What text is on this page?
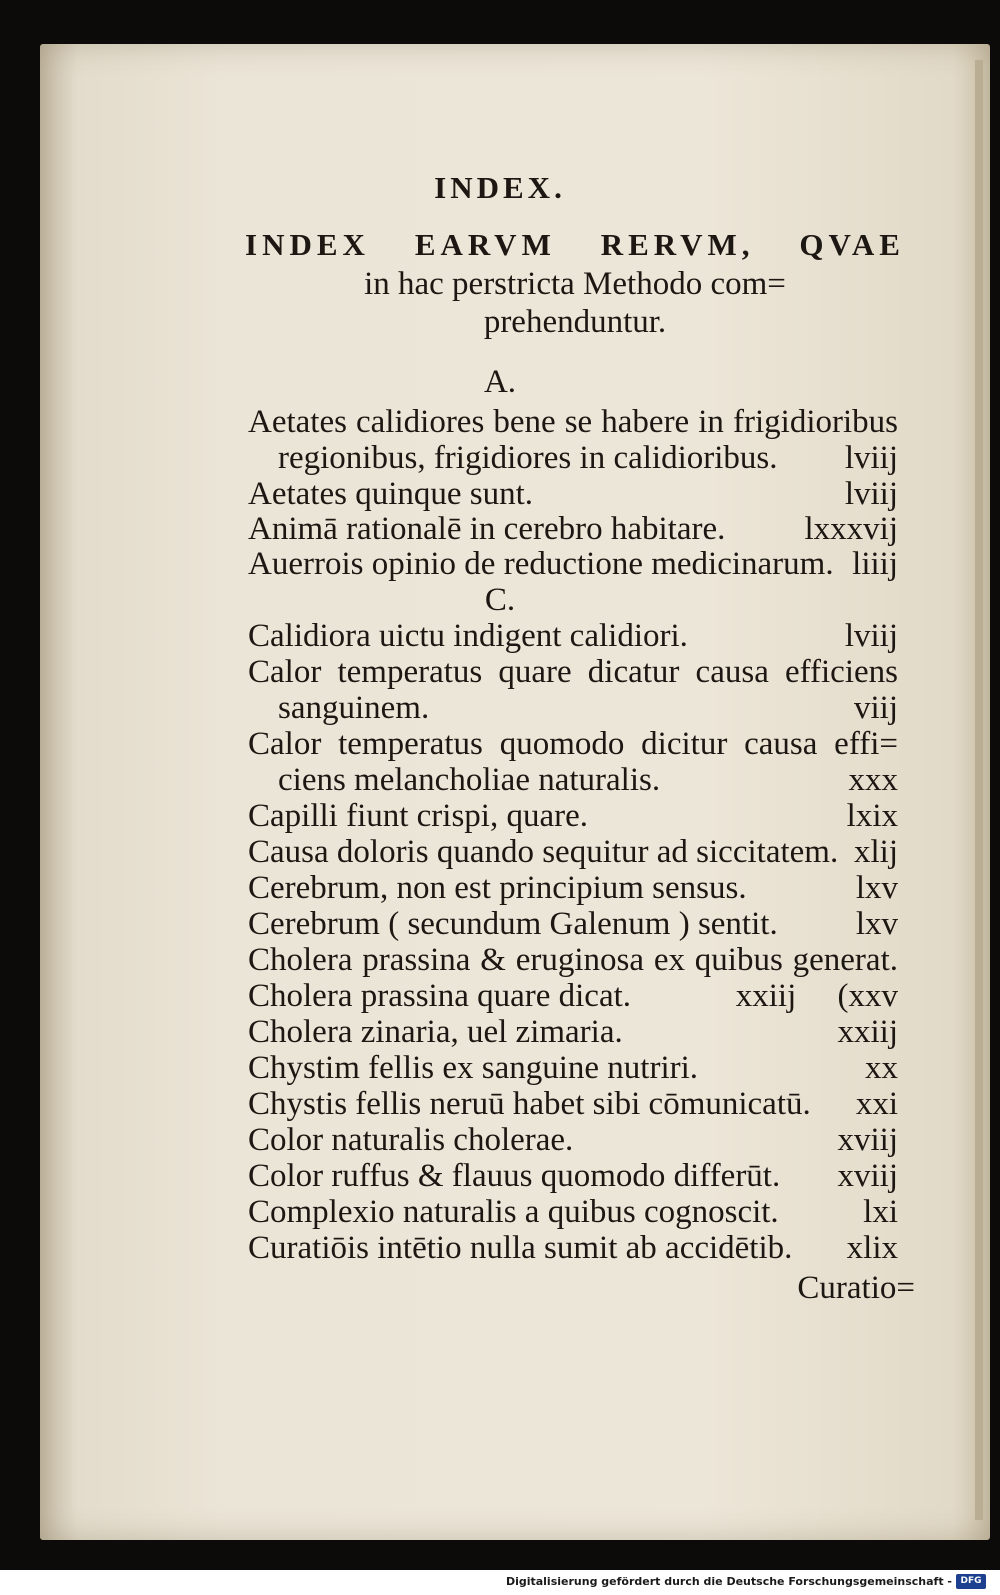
INDEX.
INDEX EARVM RERVM, QVAE
in hac perstricta Methodo com=
prehenduntur.
A.
Aetates calidiores bene se habere in frigidioribus
regionibus, frigidiores in calidioribus.	lviij
Aetates quinque sunt.	lviij
Animā rationalē in cerebro habitare.	lxxxvij
Auerrois opinio de reductione medicinarum. liiij
Calidiora uictu indigent calidiori.	lviij
Calor temperatus quare dicatur causa efficiens
sanguinem.	viij
Calor temperatus quomodo dicitur causa effi=
ciens melancholiae naturalis.	xxx
Capilli fiunt crispi, quare.	lxix
Causa doloris quando sequitur ad siccitatem. xlij
Cerebrum, non est principium sensus.	lxv
Cerebrum ( secundum Galenum ) sentit.	lxv
Cholera prassina & eruginosa ex quibus generat.
Cholera prassina quare dicat.	xxiij     (xxv
Cholera zinaria, uel zimaria.	xxiij
Chystim fellis ex sanguine nutriri.	xx
Chystis fellis neruū habet sibi cōmunicatū.	xxi
Color naturalis cholerae.	xviij
Color ruffus & flauus quomodo differūt.	xviij
Complexio naturalis a quibus cognoscit.	lxi
Curatiōis intētio nulla sumit ab accidētib.	xlix
C.
Curatio=
Digitalisierung gefördert durch die Deutsche Forschungsgemeinschaft - DFG
